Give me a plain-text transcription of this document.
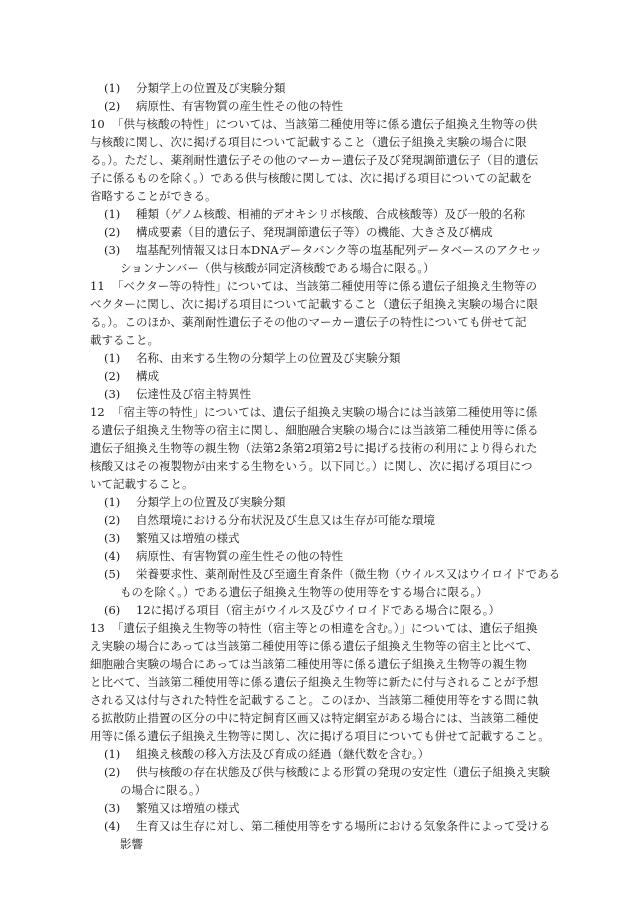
(1) 分類学上の位置及び実験分類
(2) 病原性、有害物質の産生性その他の特性
10 「供与核酸の特性」については、当該第二種使用等に係る遺伝子組換え生物等の供
与核酸に関し、次に掲げる項目について記載すること（遺伝子組換え実験の場合に限
る。）。ただし、薬剤耐性遺伝子その他のマーカー遺伝子及び発現調節遺伝子（目的遺伝
子に係るものを除く。）である供与核酸に関しては、次に掲げる項目についての記載を
省略することができる。
(1) 種類（ゲノム核酸、相補的デオキシリボ核酸、合成核酸等）及び一般的名称
(2) 構成要素（目的遺伝子、発現調節遺伝子等）の機能、大きさ及び構成
(3) 塩基配列情報又は日本DNAデータバンク等の塩基配列データベースのアクセッ
ションナンバー（供与核酸が同定済核酸である場合に限る。）
11 「ベクター等の特性」については、当該第二種使用等に係る遺伝子組換え生物等の
ベクターに関し、次に掲げる項目について記載すること（遺伝子組換え実験の場合に限
る。）。このほか、薬剤耐性遺伝子その他のマーカー遺伝子の特性についても併せて記
載すること。
(1) 名称、由来する生物の分類学上の位置及び実験分類
(2) 構成
(3) 伝達性及び宿主特異性
12 「宿主等の特性」については、遺伝子組換え実験の場合には当該第二種使用等に係
る遺伝子組換え生物等の宿主に関し、細胞融合実験の場合には当該第二種使用等に係る
遺伝子組換え生物等の親生物（法第2条第2項第2号に掲げる技術の利用により得られた
核酸又はその複製物が由来する生物をいう。以下同じ。）に関し、次に掲げる項目につ
いて記載すること。
(1) 分類学上の位置及び実験分類
(2) 自然環境における分布状況及び生息又は生存が可能な環境
(3) 繁殖又は増殖の様式
(4) 病原性、有害物質の産生性その他の特性
(5) 栄養要求性、薬剤耐性及び至適生育条件（微生物（ウイルス又はウイロイドである
ものを除く。）である遺伝子組換え生物等の使用等をする場合に限る。）
(6) 12に掲げる項目（宿主がウイルス及びウイロイドである場合に限る。）
13 「遺伝子組換え生物等の特性（宿主等との相違を含む。）」については、遺伝子組換
え実験の場合にあっては当該第二種使用等に係る遺伝子組換え生物等の宿主と比べて、
細胞融合実験の場合にあっては当該第二種使用等に係る遺伝子組換え生物等の親生物
と比べて、当該第二種使用等に係る遺伝子組換え生物等に新たに付与されることが予想
される又は付与された特性を記載すること。このほか、当該第二種使用等をする間に執
る拡散防止措置の区分の中に特定飼育区画又は特定網室がある場合には、当該第二種使
用等に係る遺伝子組換え生物等に関し、次に掲げる項目についても併せて記載すること。
(1) 組換え核酸の移入方法及び育成の経過（継代数を含む。）
(2) 供与核酸の存在状態及び供与核酸による形質の発現の安定性（遺伝子組換え実験
の場合に限る。）
(3) 繁殖又は増殖の様式
(4) 生育又は生存に対し、第二種使用等をする場所における気象条件によって受ける
影響
